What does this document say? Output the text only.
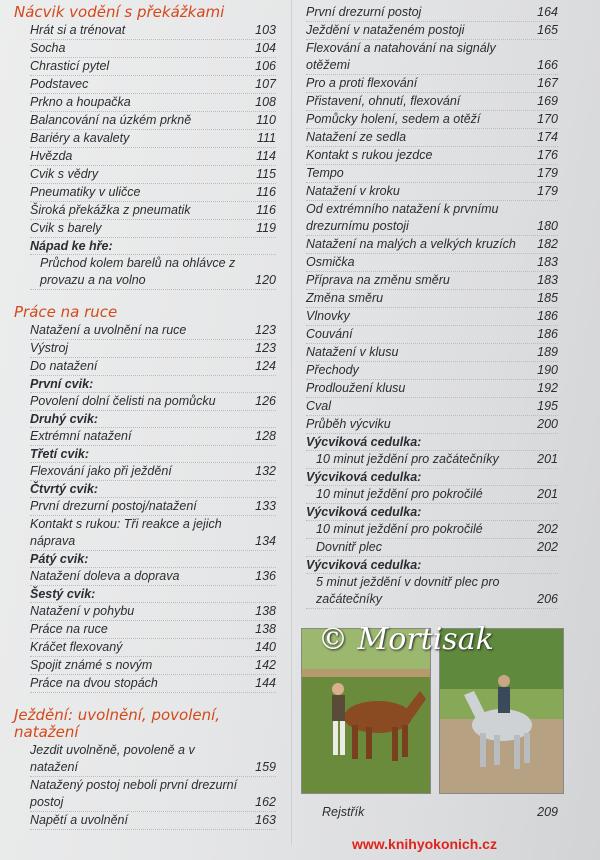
Nácvik vodění s překážkami
Hrát si a trénovat	103
Socha	104
Chrasticí pytel	106
Podstavec	107
Prkno a houpačka	108
Balancování na úzkém prkně	110
Bariéry a kavalety	111
Hvězda	114
Cvik s vědry	115
Pneumatiky v uličce	116
Široká překážka z pneumatik	116
Cvik s barely	119
Nápad ke hře:
Průchod kolem barelů na ohlávce z provazu a na volno	120
Práce na ruce
Natažení a uvolnění na ruce	123
Výstroj	123
Do natažení	124
První cvik:
Povolení dolní čelisti na pomůcku	126
Druhý cvik:
Extrémní natažení	128
Třetí cvik:
Flexování jako při ježdění	132
Čtvrtý cvik:
První drezurní postoj/natažení	133
Kontakt s rukou: Tři reakce a jejich náprava	134
Pátý cvik:
Natažení doleva a doprava	136
Šestý cvik:
Natažení v pohybu	138
Práce na ruce	138
Kráčet flexovaný	140
Spojit známé s novým	142
Práce na dvou stopách	144
Ježdění: uvolnění, povolení, natažení
Jezdit uvolněně, povoleně a v natažení	159
Natažený postoj neboli první drezurní postoj	162
Napětí a uvolnění	163
První drezurní postoj	164
Ježdění v nataženém postoji	165
Flexování a natahování na signály otěžemi	166
Pro a proti flexování	167
Přistavení, ohnutí, flexování	169
Pomůcky holení, sedem a otěží	170
Natažení ze sedla	174
Kontakt s rukou jezdce	176
Tempo	179
Natažení v kroku	179
Od extrémního natažení k prvnímu drezurnímu postoji	180
Natažení na malých a velkých kruzích	182
Osmička	183
Příprava na změnu směru	183
Změna směru	185
Vlnovky	186
Couvání	186
Natažení v klusu	189
Přechody	190
Prodloužení klusu	192
Cval	195
Průběh výcviku	200
Výcviková cedulka:
10 minut ježdění pro začátečníky	201
Výcviková cedulka:
10 minut ježdění pro pokročilé	201
Výcviková cedulka:
10 minut ježdění pro pokročilé	202
Dovnitř plec	202
Výcviková cedulka:
5 minut ježdění v dovnitř plec pro začátečníky	206
© Mortisak
Rejstřík	209
www.knihyokonich.cz
